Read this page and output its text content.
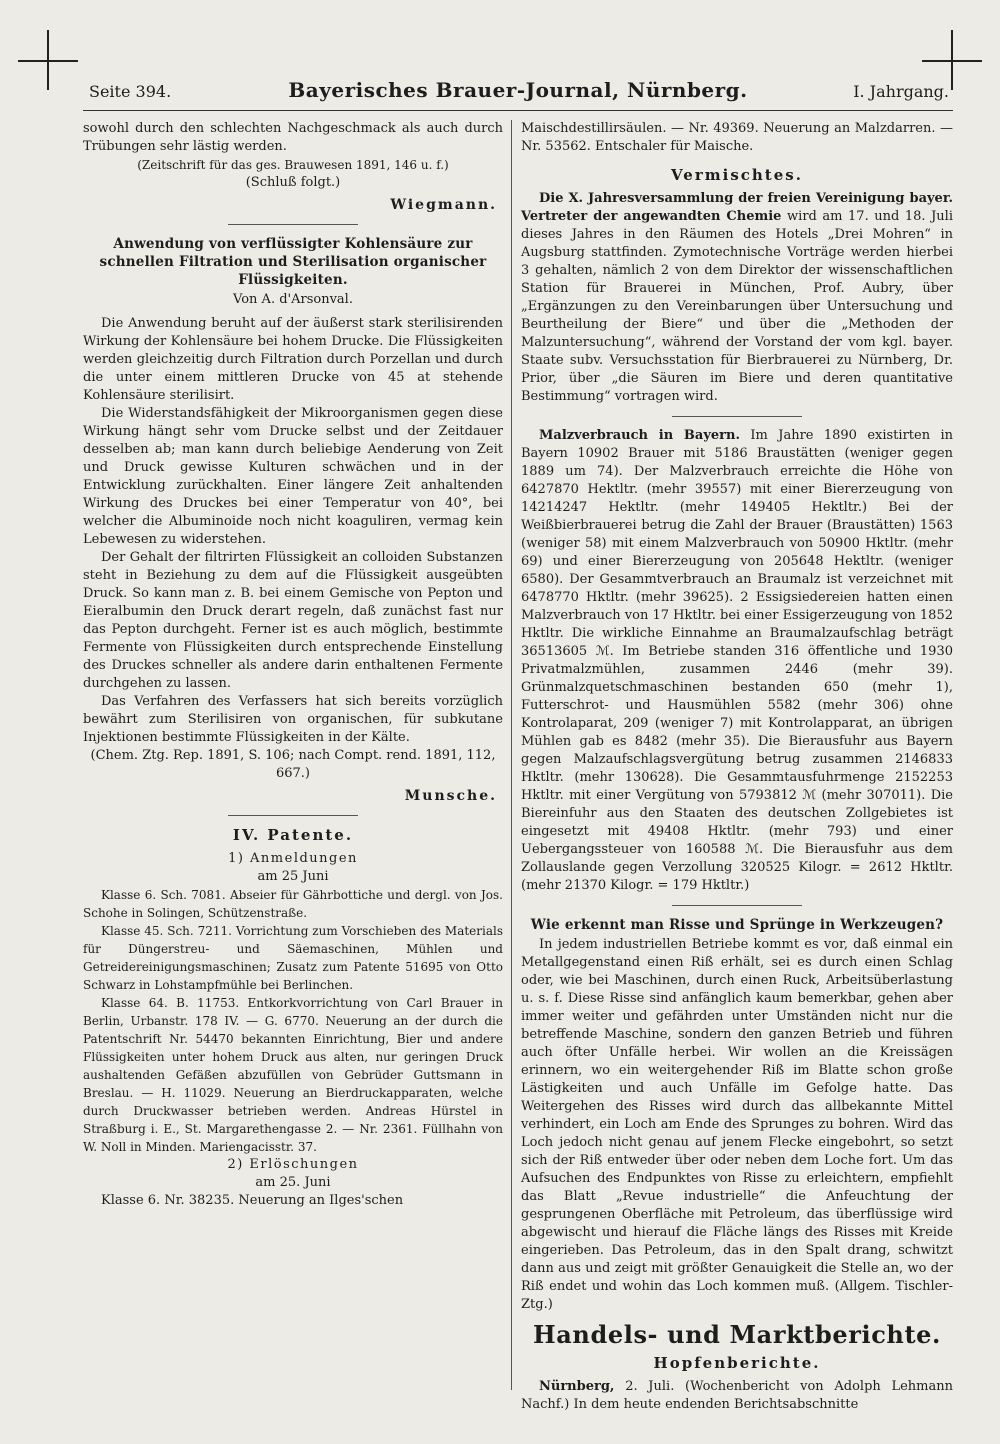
Seite 394.	Bayerisches Brauer-Journal, Nürnberg.	I. Jahrgang.

sowohl durch den schlechten Nachgeschmack als auch durch Trübungen sehr lästig werden.

(Zeitschrift für das ges. Brauwesen 1891, 146 u. f.)

(Schluß folgt.)

Wiegmann.
Anwendung von verflüssigter Kohlensäure zur schnellen Filtration und Sterilisation organischer Flüssigkeiten.

Von A. d'Arsonval.

Die Anwendung beruht auf der äußerst stark sterilisirenden Wirkung der Kohlensäure bei hohem Drucke. Die Flüssigkeiten werden gleichzeitig durch Filtration durch Porzellan und durch die unter einem mittleren Drucke von 45 at stehende Kohlensäure sterilisirt.

Die Widerstandsfähigkeit der Mikroorganismen gegen diese Wirkung hängt sehr vom Drucke selbst und der Zeitdauer desselben ab; man kann durch beliebige Aenderung von Zeit und Druck gewisse Kulturen schwächen und in der Entwicklung zurückhalten. Einer längere Zeit anhaltenden Wirkung des Druckes bei einer Temperatur von 40°, bei welcher die Albuminoide noch nicht koaguliren, vermag kein Lebewesen zu widerstehen.

Der Gehalt der filtrirten Flüssigkeit an colloiden Substanzen steht in Beziehung zu dem auf die Flüssigkeit ausgeübten Druck. So kann man z. B. bei einem Gemische von Pepton und Eieralbumin den Druck derart regeln, daß zunächst fast nur das Pepton durchgeht. Ferner ist es auch möglich, bestimmte Fermente von Flüssigkeiten durch entsprechende Einstellung des Druckes schneller als andere darin enthaltenen Fermente durchgehen zu lassen.

Das Verfahren des Verfassers hat sich bereits vorzüglich bewährt zum Sterilisiren von organischen, für subkutane Injektionen bestimmte Flüssigkeiten in der Kälte.

(Chem. Ztg. Rep. 1891, S. 106; nach Compt. rend. 1891, 112, 667.)

Munsche.
IV. Patente.

1) Anmeldungen

am 25 Juni

Klasse 6. Sch. 7081. Abseier für Gährbottiche und dergl. von Jos. Schohe in Solingen, Schützenstraße.

Klasse 45. Sch. 7211. Vorrichtung zum Vorschieben des Materials für Düngerstreu- und Säemaschinen, Mühlen und Getreidereinigungsmaschinen; Zusatz zum Patente 51695 von Otto Schwarz in Lohstampfmühle bei Berlinchen.

Klasse 64. B. 11753. Entkorkvorrichtung von Carl Brauer in Berlin, Urbanstr. 178 IV. — G. 6770. Neuerung an der durch die Patentschrift Nr. 54470 bekannten Einrichtung, Bier und andere Flüssigkeiten unter hohem Druck aus alten, nur geringen Druck aushaltenden Gefäßen abzufüllen von Gebrüder Guttsmann in Breslau. — H. 11029. Neuerung an Bierdruckapparaten, welche durch Druckwasser betrieben werden. Andreas Hürstel in Straßburg i. E., St. Margarethengasse 2. — Nr. 2361. Füllhahn von W. Noll in Minden. Mariengacisstr. 37.

2) Erlöschungen

am 25. Juni

Klasse 6. Nr. 38235. Neuerung an Ilges'schen

Maischdestillirsäulen. — Nr. 49369. Neuerung an Malzdarren. — Nr. 53562. Entschaler für Maische.

Vermischtes.

Die X. Jahresversammlung der freien Vereinigung bayer. Vertreter der angewandten Chemie wird am 17. und 18. Juli dieses Jahres in den Räumen des Hotels „Drei Mohren“ in Augsburg stattfinden. Zymotechnische Vorträge werden hierbei 3 gehalten, nämlich 2 von dem Direktor der wissenschaftlichen Station für Brauerei in München, Prof. Aubry, über „Ergänzungen zu den Vereinbarungen über Untersuchung und Beurtheilung der Biere“ und über die „Methoden der Malzuntersuchung“, während der Vorstand der vom kgl. bayer. Staate subv. Versuchsstation für Bierbrauerei zu Nürnberg, Dr. Prior, über „die Säuren im Biere und deren quantitative Bestimmung“ vortragen wird.

Malzverbrauch in Bayern. Im Jahre 1890 existirten in Bayern 10902 Brauer mit 5186 Braustätten (weniger gegen 1889 um 74). Der Malzverbrauch erreichte die Höhe von 6427870 Hektltr. (mehr 39557) mit einer Biererzeugung von 14214247 Hektltr. (mehr 149405 Hektltr.) Bei der Weißbierbrauerei betrug die Zahl der Brauer (Braustätten) 1563 (weniger 58) mit einem Malzverbrauch von 50900 Hktltr. (mehr 69) und einer Biererzeugung von 205648 Hektltr. (weniger 6580). Der Gesammtverbrauch an Braumalz ist verzeichnet mit 6478770 Hktltr. (mehr 39625). 2 Essigsiedereien hatten einen Malzverbrauch von 17 Hktltr. bei einer Essigerzeugung von 1852 Hktltr. Die wirkliche Einnahme an Braumalzaufschlag beträgt 36513605 ℳ. Im Betriebe standen 316 öffentliche und 1930 Privatmalzmühlen, zusammen 2446 (mehr 39). Grünmalzquetschmaschinen bestanden 650 (mehr 1), Futterschrot- und Hausmühlen 5582 (mehr 306) ohne Kontrolaparat, 209 (weniger 7) mit Kontrolapparat, an übrigen Mühlen gab es 8482 (mehr 35). Die Bierausfuhr aus Bayern gegen Malzaufschlagsvergütung betrug zusammen 2146833 Hktltr. (mehr 130628). Die Gesammtausfuhrmenge 2152253 Hktltr. mit einer Vergütung von 5793812 ℳ (mehr 307011). Die Biereinfuhr aus den Staaten des deutschen Zollgebietes ist eingesetzt mit 49408 Hktltr. (mehr 793) und einer Uebergangssteuer von 160588 ℳ. Die Bierausfuhr aus dem Zollauslande gegen Verzollung 320525 Kilogr. = 2612 Hktltr. (mehr 21370 Kilogr. = 179 Hktltr.)

Wie erkennt man Risse und Sprünge in Werkzeugen?

In jedem industriellen Betriebe kommt es vor, daß einmal ein Metallgegenstand einen Riß erhält, sei es durch einen Schlag oder, wie bei Maschinen, durch einen Ruck, Arbeitsüberlastung u. s. f. Diese Risse sind anfänglich kaum bemerkbar, gehen aber immer weiter und gefährden unter Umständen nicht nur die betreffende Maschine, sondern den ganzen Betrieb und führen auch öfter Unfälle herbei. Wir wollen an die Kreissägen erinnern, wo ein weitergehender Riß im Blatte schon große Lästigkeiten und auch Unfälle im Gefolge hatte. Das Weitergehen des Risses wird durch das allbekannte Mittel verhindert, ein Loch am Ende des Sprunges zu bohren. Wird das Loch jedoch nicht genau auf jenem Flecke eingebohrt, so setzt sich der Riß entweder über oder neben dem Loche fort. Um das Aufsuchen des Endpunktes von Risse zu erleichtern, empfiehlt das Blatt „Revue industrielle“ die Anfeuchtung der gesprungenen Oberfläche mit Petroleum, das überflüssige wird abgewischt und hierauf die Fläche längs des Risses mit Kreide eingerieben. Das Petroleum, das in den Spalt drang, schwitzt dann aus und zeigt mit größter Genauigkeit die Stelle an, wo der Riß endet und wohin das Loch kommen muß. (Allgem. Tischler-Ztg.)

Handels- und Marktberichte.
Hopfenberichte.

Nürnberg, 2. Juli. (Wochenbericht von Adolph Lehmann Nachf.) In dem heute endenden Berichtsabschnitte
